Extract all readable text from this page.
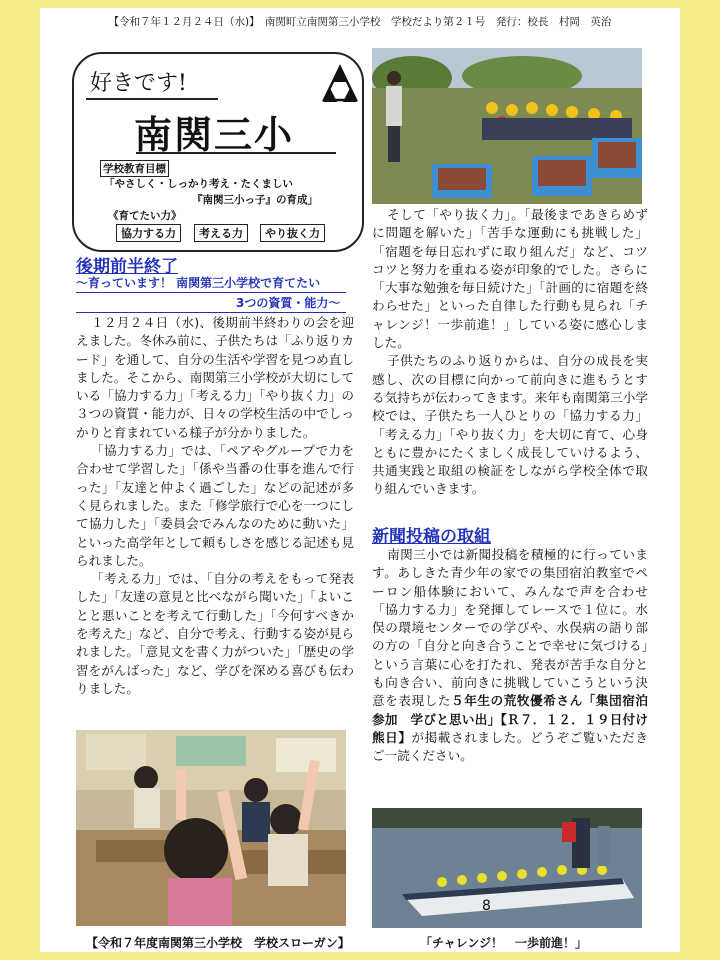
【令和７年１２月２４日（水)】　南関町立南関第三小学校　学校だより第２１号　発行：校長　村岡　英治
好きです!
南関三小
学校教育目標
「やさしく・しっかり考え・たくましい
『南関三小っ子』の育成」
《育てたい力》
協力する力	考える力	やり抜く力
後期前半終了
～育っています！ 南関第三小学校で育てたい
3つの資質・能力～

１２月２４日（水)、後期前半終わりの会を迎えました。冬休み前に、子供たちは「ふり返りカード」を通して、自分の生活や学習を見つめ直しました。そこから、南関第三小学校が大切にしている「協力する力」「考える力」「やり抜く力」の３つの資質・能力が、日々の学校生活の中でしっかりと育まれている様子が分かりました。

「協力する力」では、「ペアやグループで力を合わせて学習した」「係や当番の仕事を進んで行った」「友達と仲よく過ごした」などの記述が多く見られました。また「修学旅行で心を一つにして協力した」「委員会でみんなのために動いた」といった高学年として頼もしさを感じる記述も見られました。

「考える力」では、「自分の考えをもって発表した」「友達の意見と比べながら聞いた」「よいことと悪いことを考えて行動した」「今何すべきかを考えた」など、自分で考え、行動する姿が見られました。「意見文を書く力がついた」「歴史の学習をがんばった」など、学びを深める喜びも伝わりました。

そして「やり抜く力」。「最後まであきらめずに問題を解いた」「苦手な運動にも挑戦した」「宿題を毎日忘れずに取り組んだ」など、コツコツと努力を重ねる姿が印象的でした。さらに「大事な勉強を毎日続けた」「計画的に宿題を終わらせた」といった自律した行動も見られ「チャレンジ！一歩前進！」している姿に感心しました。

子供たちのふり返りからは、自分の成長を実感し、次の目標に向かって前向きに進もうとする気持ちが伝わってきます。来年も南関第三小学校では、子供たち一人ひとりの「協力する力」「考える力」「やり抜く力」を大切に育て、心身ともに豊かにたくましく成長していけるよう、共通実践と取組の検証をしながら学校全体で取り組んでいきます。

新聞投稿の取組

南関三小では新聞投稿を積極的に行っています。あしきた青少年の家での集団宿泊教室でペーロン船体験において、みんなで声を合わせ「協力する力」を発揮してレースで１位に。水俣の環境センターでの学びや、水俣病の語り部の方の「自分と向き合うことで幸せに気づける」という言葉に心を打たれ、発表が苦手な自分とも向き合い、前向きに挑戦していこうという決意を表現した５年生の荒牧優希さん「集団宿泊参加　学びと思い出」【Ｒ７．１２．１９日付け熊日】が掲載されました。どうぞご覧いただきご一読ください。

8
【令和７年度南関第三小学校　学校スローガン】	「チャレンジ！　一歩前進！」
